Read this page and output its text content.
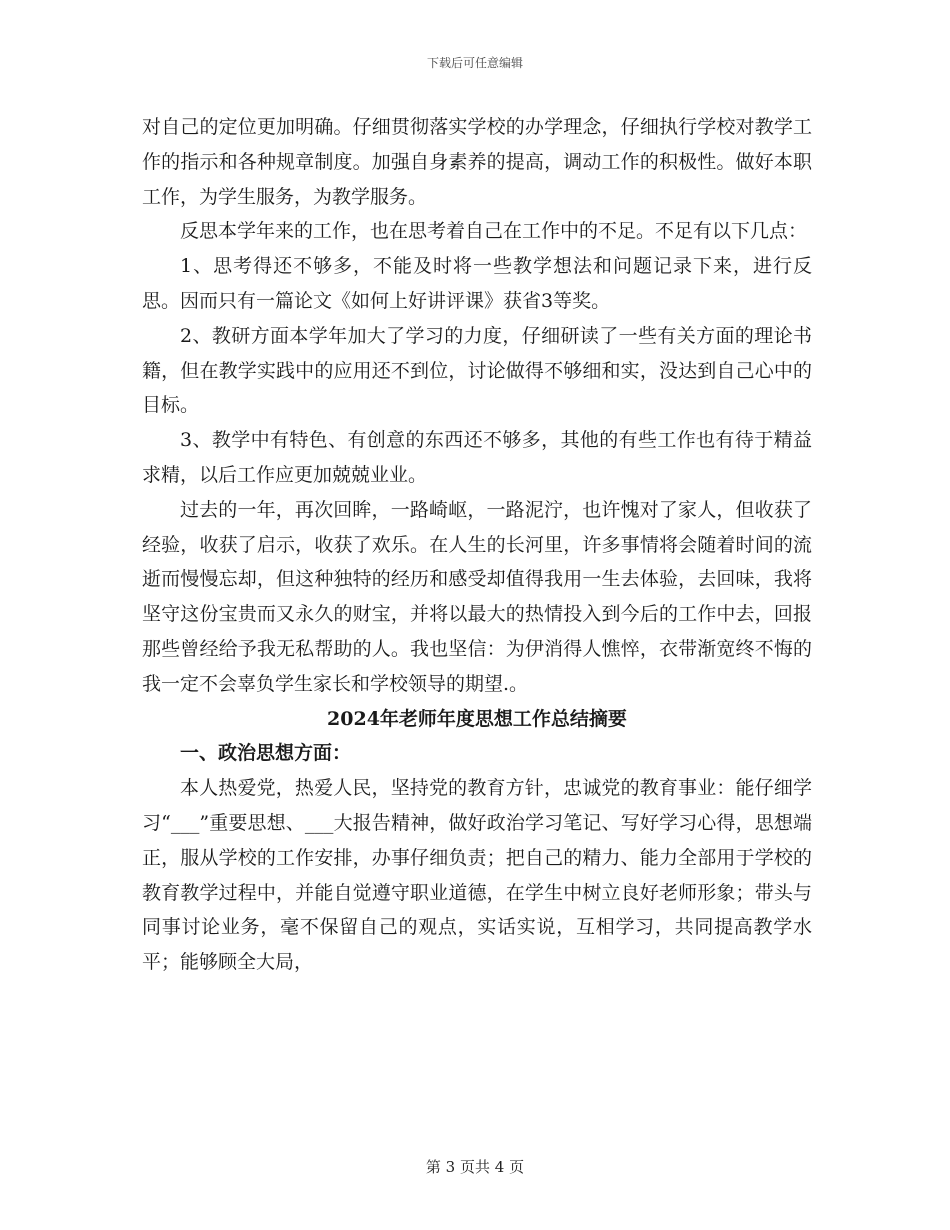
下载后可任意编辑

对自己的定位更加明确。仔细贯彻落实学校的办学理念，仔细执行学校对教学工作的指示和各种规章制度。加强自身素养的提高，调动工作的积极性。做好本职工作，为学生服务，为教学服务。

反思本学年来的工作，也在思考着自己在工作中的不足。不足有以下几点：

1、思考得还不够多，不能及时将一些教学想法和问题记录下来，进行反思。因而只有一篇论文《如何上好讲评课》获省3等奖。

2、教研方面本学年加大了学习的力度，仔细研读了一些有关方面的理论书籍，但在教学实践中的应用还不到位，讨论做得不够细和实，没达到自己心中的目标。

3、教学中有特色、有创意的东西还不够多，其他的有些工作也有待于精益求精，以后工作应更加兢兢业业。

过去的一年，再次回眸，一路崎岖，一路泥泞，也许愧对了家人，但收获了经验，收获了启示，收获了欢乐。在人生的长河里，许多事情将会随着时间的流逝而慢慢忘却，但这种独特的经历和感受却值得我用一生去体验，去回味，我将坚守这份宝贵而又永久的财宝，并将以最大的热情投入到今后的工作中去，回报那些曾经给予我无私帮助的人。我也坚信：为伊消得人憔悴，衣带渐宽终不悔的我一定不会辜负学生家长和学校领导的期望.。

2024年老师年度思想工作总结摘要

一、政治思想方面：

本人热爱党，热爱人民，坚持党的教育方针，忠诚党的教育事业：能仔细学习“___”重要思想、___大报告精神，做好政治学习笔记、写好学习心得，思想端正，服从学校的工作安排，办事仔细负责；把自己的精力、能力全部用于学校的教育教学过程中，并能自觉遵守职业道德，在学生中树立良好老师形象；带头与同事讨论业务，毫不保留自己的观点，实话实说，互相学习，共同提高教学水平；能够顾全大局，

第 3 页共 4 页
